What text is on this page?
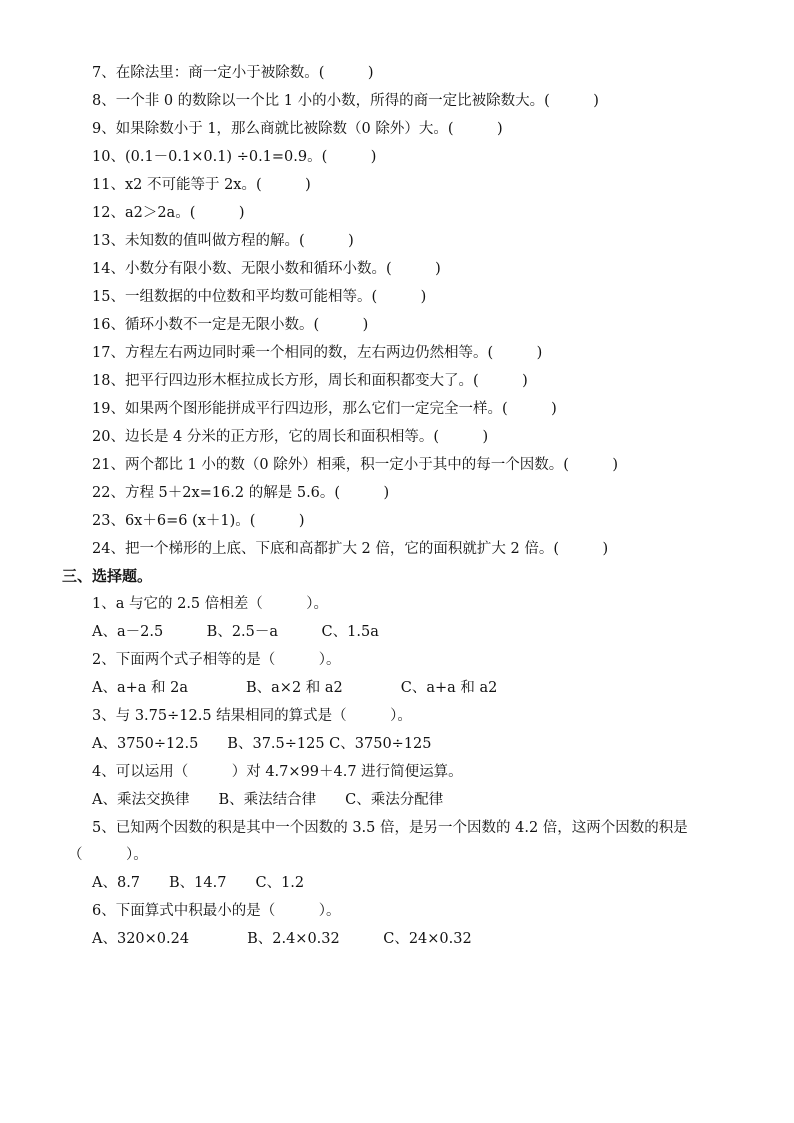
7、在除法里：商一定小于被除数。(　　　)
8、一个非 0 的数除以一个比 1 小的小数，所得的商一定比被除数大。(　　　)
9、如果除数小于 1，那么商就比被除数（0 除外）大。(　　　)
10、(0.1－0.1×0.1) ÷0.1=0.9。(　　　)
11、x2 不可能等于 2x。(　　　)
12、a2＞2a。(　　　)
13、未知数的值叫做方程的解。(　　　)
14、小数分有限小数、无限小数和循环小数。(　　　)
15、一组数据的中位数和平均数可能相等。(　　　)
16、循环小数不一定是无限小数。(　　　)
17、方程左右两边同时乘一个相同的数，左右两边仍然相等。(　　　)
18、把平行四边形木框拉成长方形，周长和面积都变大了。(　　　)
19、如果两个图形能拼成平行四边形，那么它们一定完全一样。(　　　)
20、边长是 4 分米的正方形，它的周长和面积相等。(　　　)
21、两个都比 1 小的数（0 除外）相乘，积一定小于其中的每一个因数。(　　　)
22、方程 5＋2x=16.2 的解是 5.6。(　　　)
23、6x＋6=6 (x＋1)。(　　　)
24、把一个梯形的上底、下底和高都扩大 2 倍，它的面积就扩大 2 倍。(　　　)
三、选择题。
1、a 与它的 2.5 倍相差（　　　）。
A、a－2.5　　　B、2.5－a　　　C、1.5a
2、下面两个式子相等的是（　　　）。
A、a+a 和 2a　　　　B、a×2 和 a2　　　　C、a+a 和 a2
3、与 3.75÷12.5 结果相同的算式是（　　　）。
A、3750÷12.5　　B、37.5÷125 C、3750÷125
4、可以运用（　　　）对 4.7×99＋4.7 进行简便运算。
A、乘法交换律　　B、乘法结合律　　C、乘法分配律
5、已知两个因数的积是其中一个因数的 3.5 倍，是另一个因数的 4.2 倍，这两个因数的积是
（　　　）。
A、8.7　　B、14.7　　C、1.2
6、下面算式中积最小的是（　　　）。
A、320×0.24　　　　B、2.4×0.32　　　C、24×0.32
